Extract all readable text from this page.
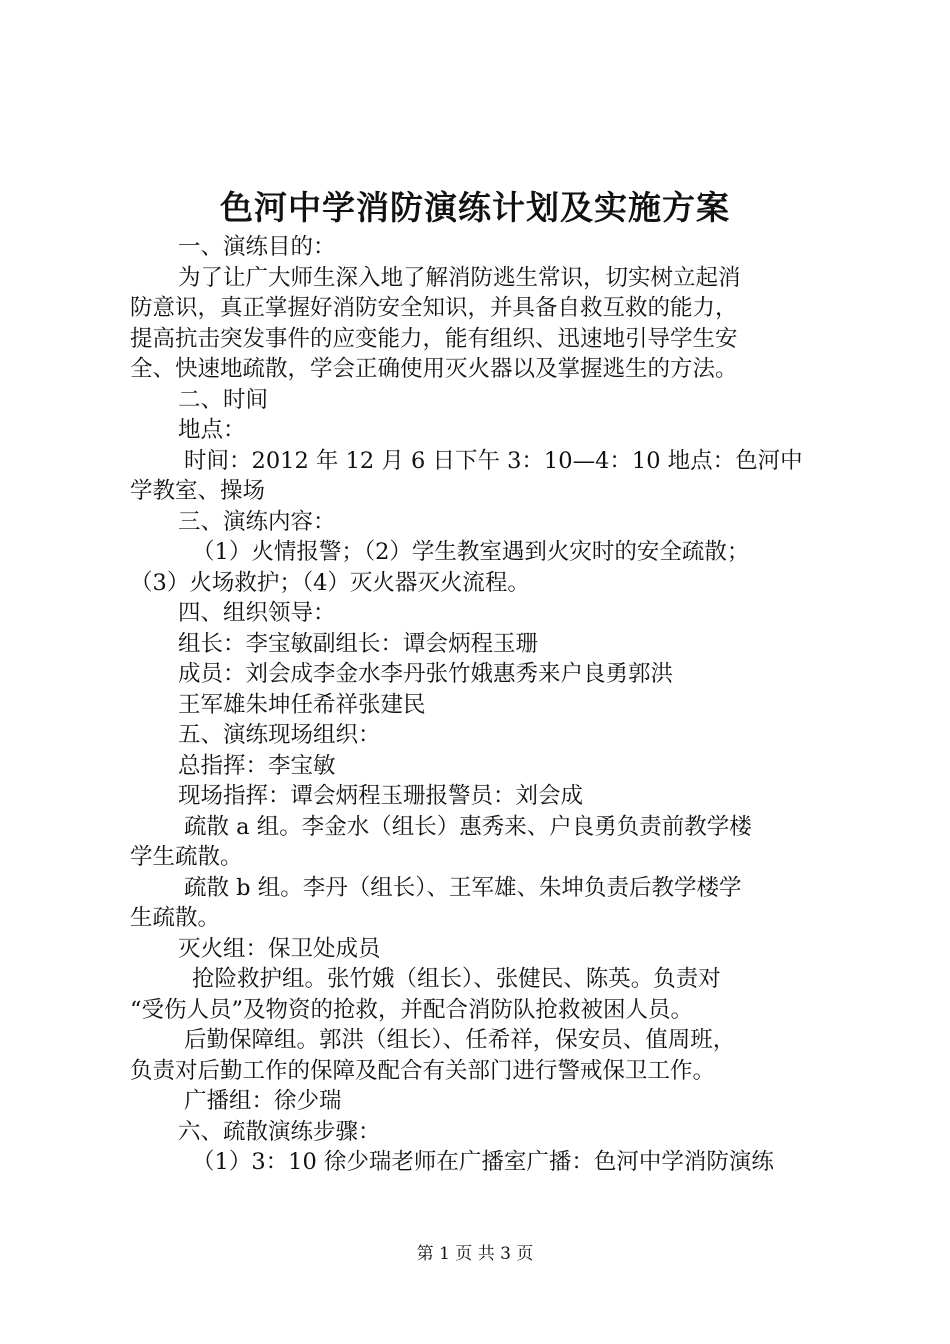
色河中学消防演练计划及实施方案

一、演练目的：

为了让广大师生深入地了解消防逃生常识，切实树立起消

防意识，真正掌握好消防安全知识，并具备自救互救的能力，

提高抗击突发事件的应变能力，能有组织、迅速地引导学生安

全、快速地疏散，学会正确使用灭火器以及掌握逃生的方法。

二、时间

地点：

时间：2012 年 12 月 6 日下午 3：10—4：10 地点：色河中

学教室、操场

三、演练内容：

（1）火情报警；（2）学生教室遇到火灾时的安全疏散；

（3）火场救护；（4）灭火器灭火流程。

四、组织领导：

组长：李宝敏副组长：谭会炳程玉珊

成员：刘会成李金水李丹张竹娥惠秀来户良勇郭洪

王军雄朱坤任希祥张建民

五、演练现场组织：

总指挥：李宝敏

现场指挥：谭会炳程玉珊报警员：刘会成

疏散 a 组。李金水（组长）惠秀来、户良勇负责前教学楼

学生疏散。

疏散 b 组。李丹（组长）、王军雄、朱坤负责后教学楼学

生疏散。

灭火组：保卫处成员

抢险救护组。张竹娥（组长）、张健民、陈英。负责对

“受伤人员”及物资的抢救，并配合消防队抢救被困人员。

后勤保障组。郭洪（组长）、任希祥，保安员、值周班，

负责对后勤工作的保障及配合有关部门进行警戒保卫工作。

广播组：徐少瑞

六、疏散演练步骤：

（1）3：10 徐少瑞老师在广播室广播：色河中学消防演练

第 1 页 共 3 页
